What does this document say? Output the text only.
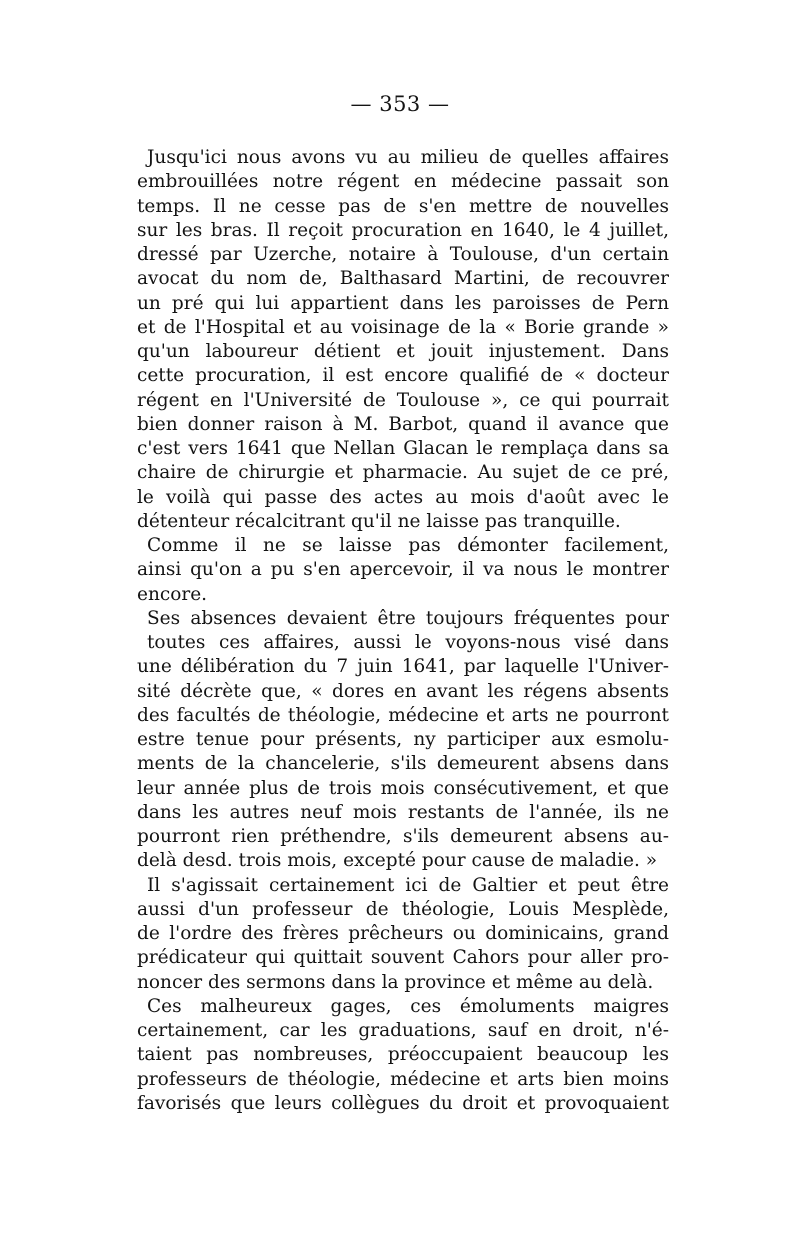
— 353 —
Jusqu'ici nous avons vu au milieu de quelles affaires
embrouillées notre régent en médecine passait son
temps. Il ne cesse pas de s'en mettre de nouvelles
sur les bras. Il reçoit procuration en 1640, le 4 juillet,
dressé par Uzerche, notaire à Toulouse, d'un certain
avocat du nom de, Balthasard Martini, de recouvrer
un pré qui lui appartient dans les paroisses de Pern
et de l'Hospital et au voisinage de la « Borie grande »
qu'un laboureur détient et jouit injustement. Dans
cette procuration, il est encore qualifié de « docteur
régent en l'Université de Toulouse », ce qui pourrait
bien donner raison à M. Barbot, quand il avance que
c'est vers 1641 que Nellan Glacan le remplaça dans sa
chaire de chirurgie et pharmacie. Au sujet de ce pré,
le voilà qui passe des actes au mois d'août avec le
détenteur récalcitrant qu'il ne laisse pas tranquille.
Comme il ne se laisse pas démonter facilement,
ainsi qu'on a pu s'en apercevoir, il va nous le montrer
encore.
Ses absences devaient être toujours fréquentes pour
toutes ces affaires, aussi le voyons-nous visé dans
une délibération du 7 juin 1641, par laquelle l'Univer-
sité décrète que, « dores en avant les régens absents
des facultés de théologie, médecine et arts ne pourront
estre tenue pour présents, ny participer aux esmolu-
ments de la chancelerie, s'ils demeurent absens dans
leur année plus de trois mois consécutivement, et que
dans les autres neuf mois restants de l'année, ils ne
pourront rien préthendre, s'ils demeurent absens au-
delà desd. trois mois, excepté pour cause de maladie. »
Il s'agissait certainement ici de Galtier et peut être
aussi d'un professeur de théologie, Louis Mesplède,
de l'ordre des frères prêcheurs ou dominicains, grand
prédicateur qui quittait souvent Cahors pour aller pro-
noncer des sermons dans la province et même au delà.
Ces malheureux gages, ces émoluments maigres
certainement, car les graduations, sauf en droit, n'é-
taient pas nombreuses, préoccupaient beaucoup les
professeurs de théologie, médecine et arts bien moins
favorisés que leurs collègues du droit et provoquaient
